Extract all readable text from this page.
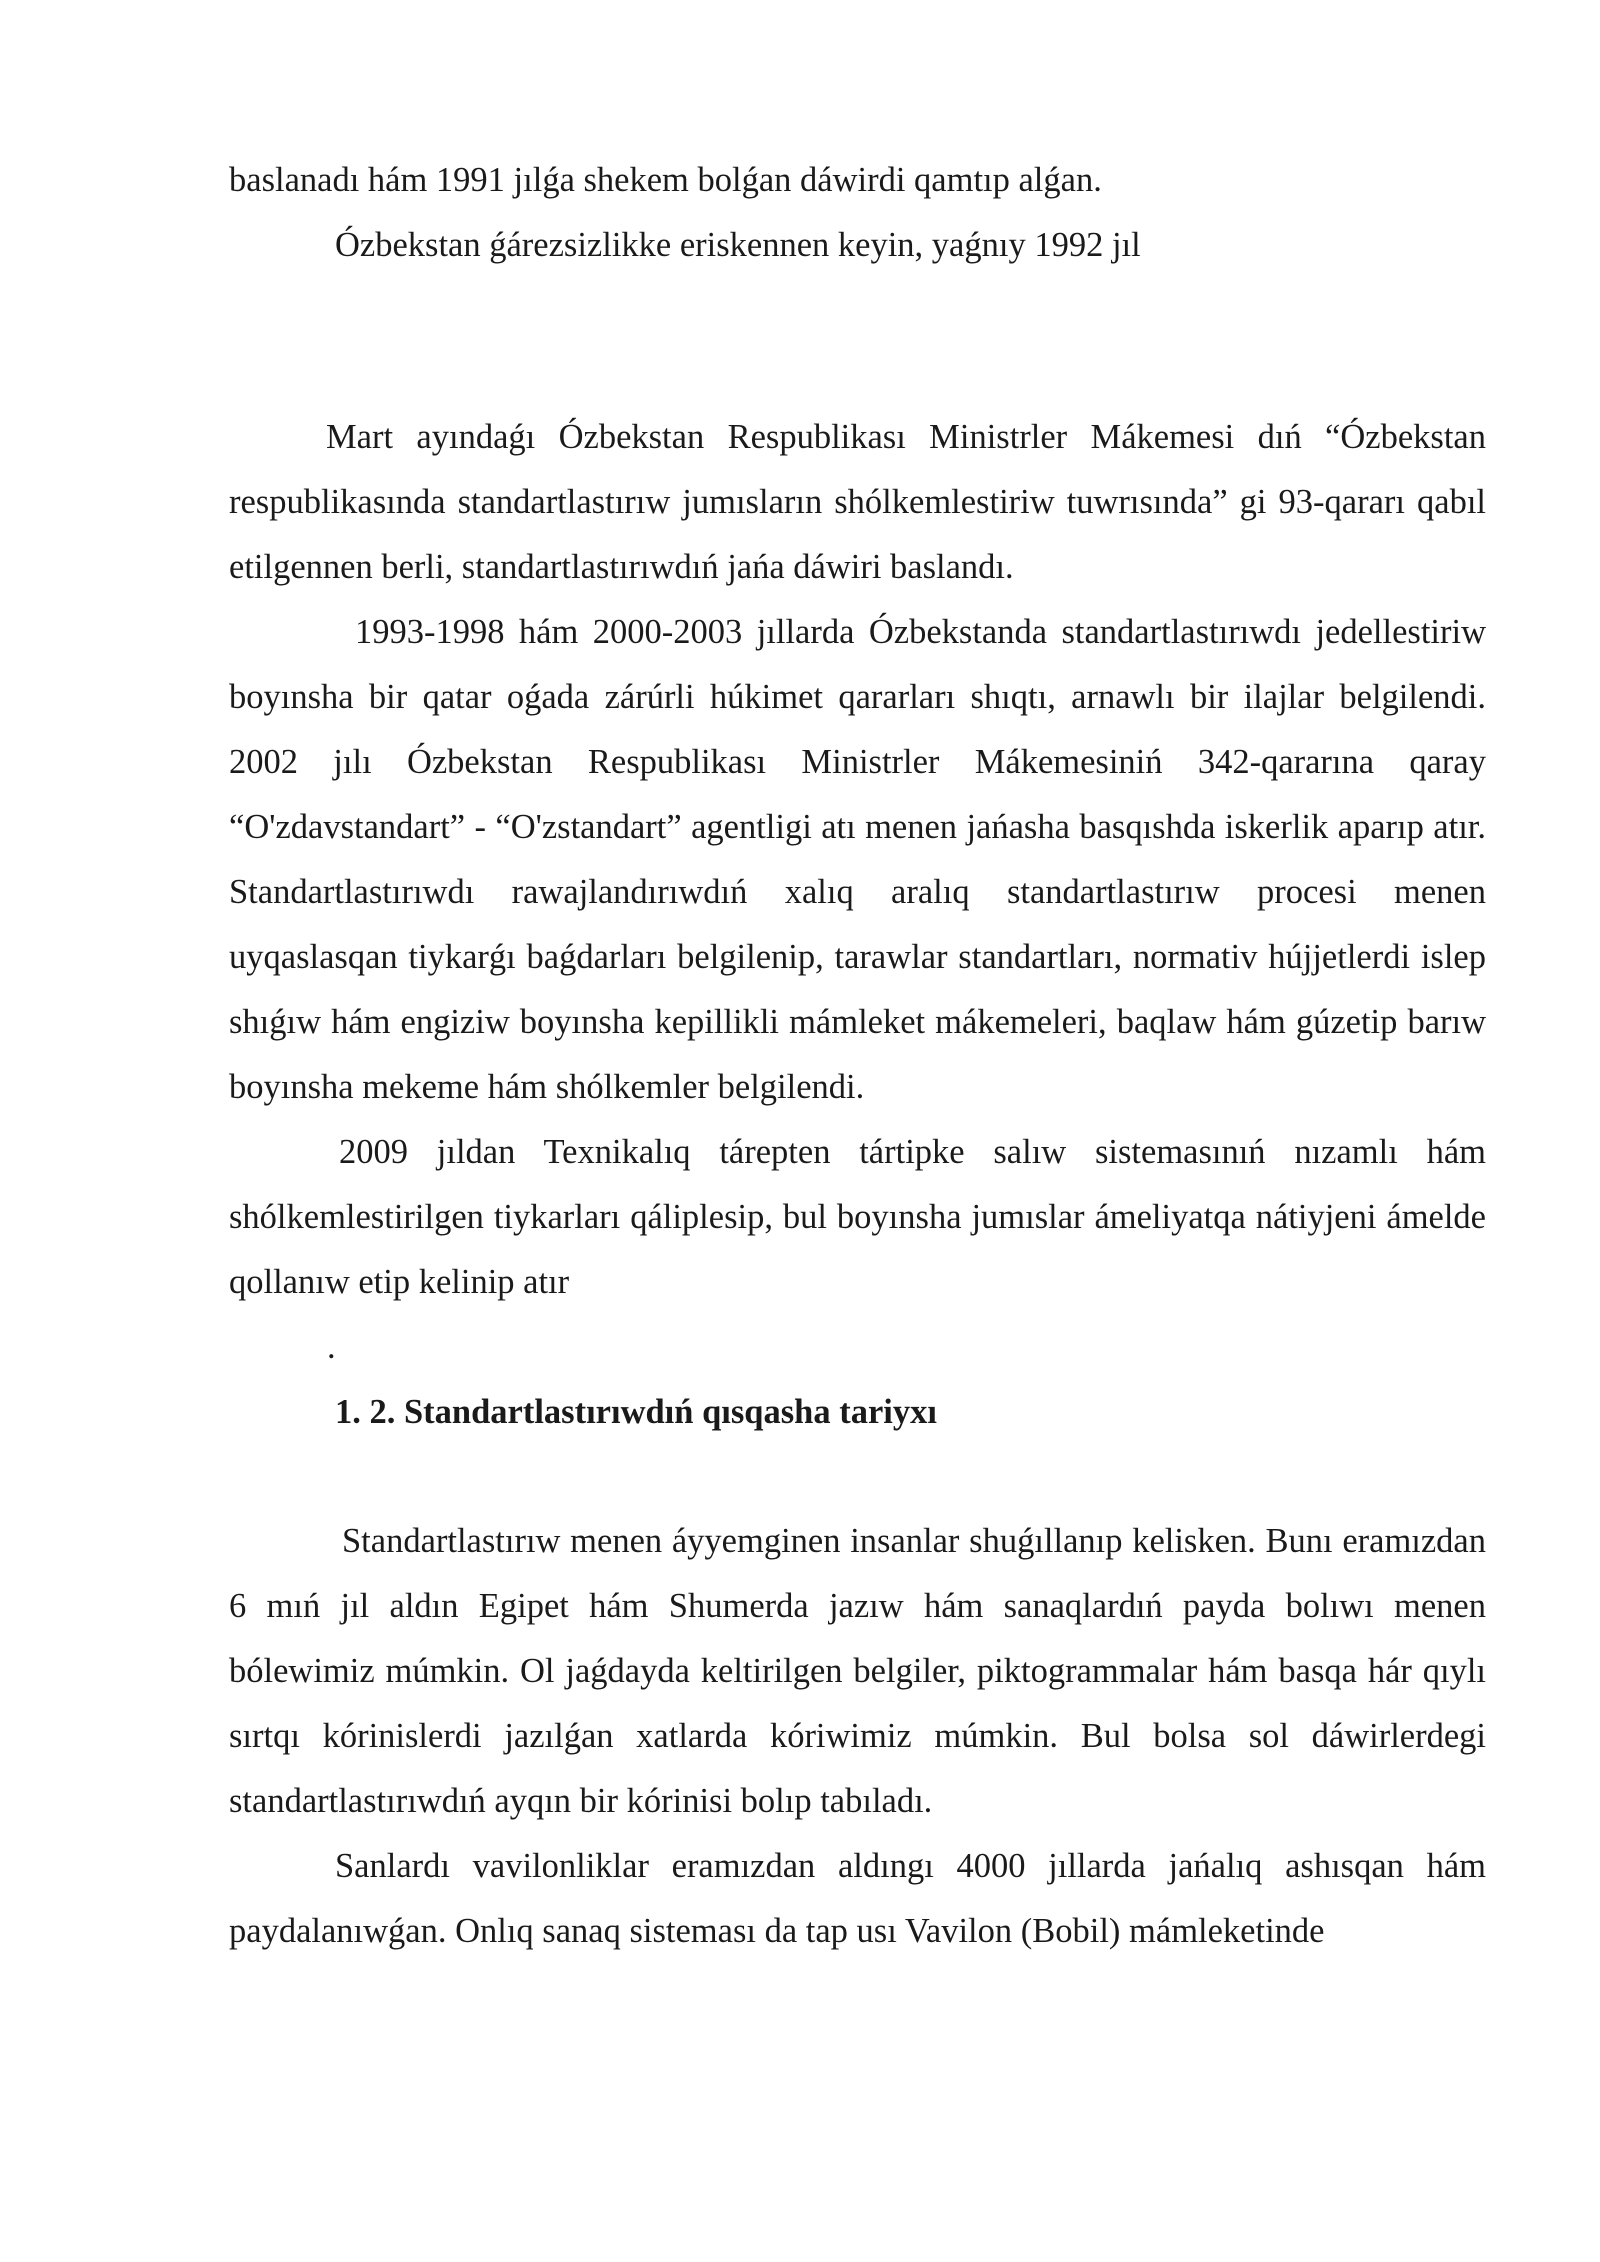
baslanadı hám 1991 jılǵa shekem bolǵan dáwirdi qamtıp alǵan.

Ózbekstan ǵárezsizlikke eriskennen keyin, yaǵnıy 1992 jıl

Mart ayındaǵı Ózbekstan Respublikası Ministrler Mákemesi dıń “Ózbekstan respublikasında standartlastırıw jumısların shólkemlestiriw tuwrısında” gi 93-qararı qabıl etilgennen berli, standartlastırıwdıń jańa dáwiri baslandı.

1993-1998 hám 2000-2003 jıllarda Ózbekstanda standartlastırıwdı jedellestiriw boyınsha bir qatar oǵada zárúrli húkimet qararları shıqtı, arnawlı bir ilajlar belgilendi. 2002 jılı Ózbekstan Respublikası Ministrler Mákemesiniń 342-qararına qaray “O'zdavstandart” - “O'zstandart” agentligi atı menen jańasha basqıshda iskerlik aparıp atır. Standartlastırıwdı rawajlandırıwdıń xalıq aralıq standartlastırıw procesi menen uyqaslasqan tiykarǵı baǵdarları belgilenip, tarawlar standartları, normativ hújjetlerdi islep shıǵıw hám engiziw boyınsha kepillikli mámleket mákemeleri, baqlaw hám gúzetip barıw boyınsha mekeme hám shólkemler belgilendi.

2009 jıldan Texnikalıq tárepten tártipke salıw sistemasınıń nızamlı hám shólkemlestirilgen tiykarları qáliplesip, bul boyınsha jumıslar ámeliyatqa nátiyjeni ámelde qollanıw etip kelinip atır

.
1. 2. Standartlastırıwdıń qısqasha tariyxı

Standartlastırıw menen áyyemginen insanlar shuǵıllanıp kelisken. Bunı eramızdan 6 mıń jıl aldın Egipet hám Shumerda jazıw hám sanaqlardıń payda bolıwı menen bólewimiz múmkin. Ol jaǵdayda keltirilgen belgiler, piktogrammalar hám basqa hár qıylı sırtqı kórinislerdi jazılǵan xatlarda kóriwimiz múmkin. Bul bolsa sol dáwirlerdegi standartlastırıwdıń ayqın bir kórinisi bolıp tabıladı.

Sanlardı vavilonliklar eramızdan aldıngı 4000 jıllarda jańalıq ashısqan hám paydalanıwǵan. Onlıq sanaq sisteması da tap usı Vavilon (Bobil) mámleketinde
